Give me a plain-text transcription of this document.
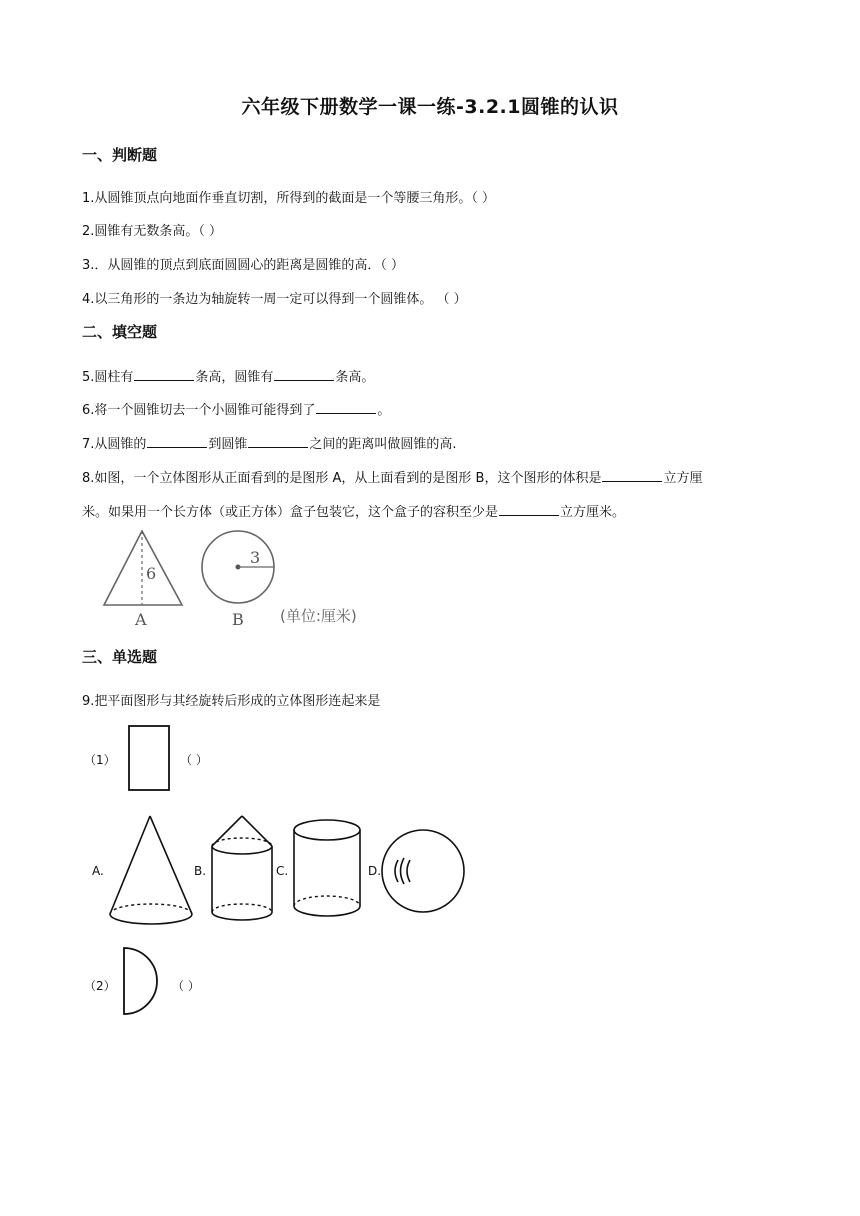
六年级下册数学一课一练-3.2.1圆锥的认识
一、判断题
1.从圆锥顶点向地面作垂直切割，所得到的截面是一个等腰三角形。（ ）
2.圆锥有无数条高。（ ）
3.．从圆锥的顶点到底面圆圆心的距离是圆锥的高．（ ）
4.以三角形的一条边为轴旋转一周一定可以得到一个圆锥体。 （ ）
二、填空题
5.圆柱有	条高，圆锥有	条高。
6.将一个圆锥切去一个小圆锥可能得到了	。
7.从圆锥的	到圆锥	之间的距离叫做圆锥的高.
8.如图，一个立体图形从正面看到的是图形 A，从上面看到的是图形 B，这个图形的体积是	立方厘
米。如果用一个长方体（或正方体）盒子包装它，这个盒子的容积至少是	立方厘米。
6
A
3
B (单位:厘米)
三、单选题
9.把平面图形与其经旋转后形成的立体图形连起来是
（1）	（ ）
A.	B.	C.	D.
（2）	（ ）
